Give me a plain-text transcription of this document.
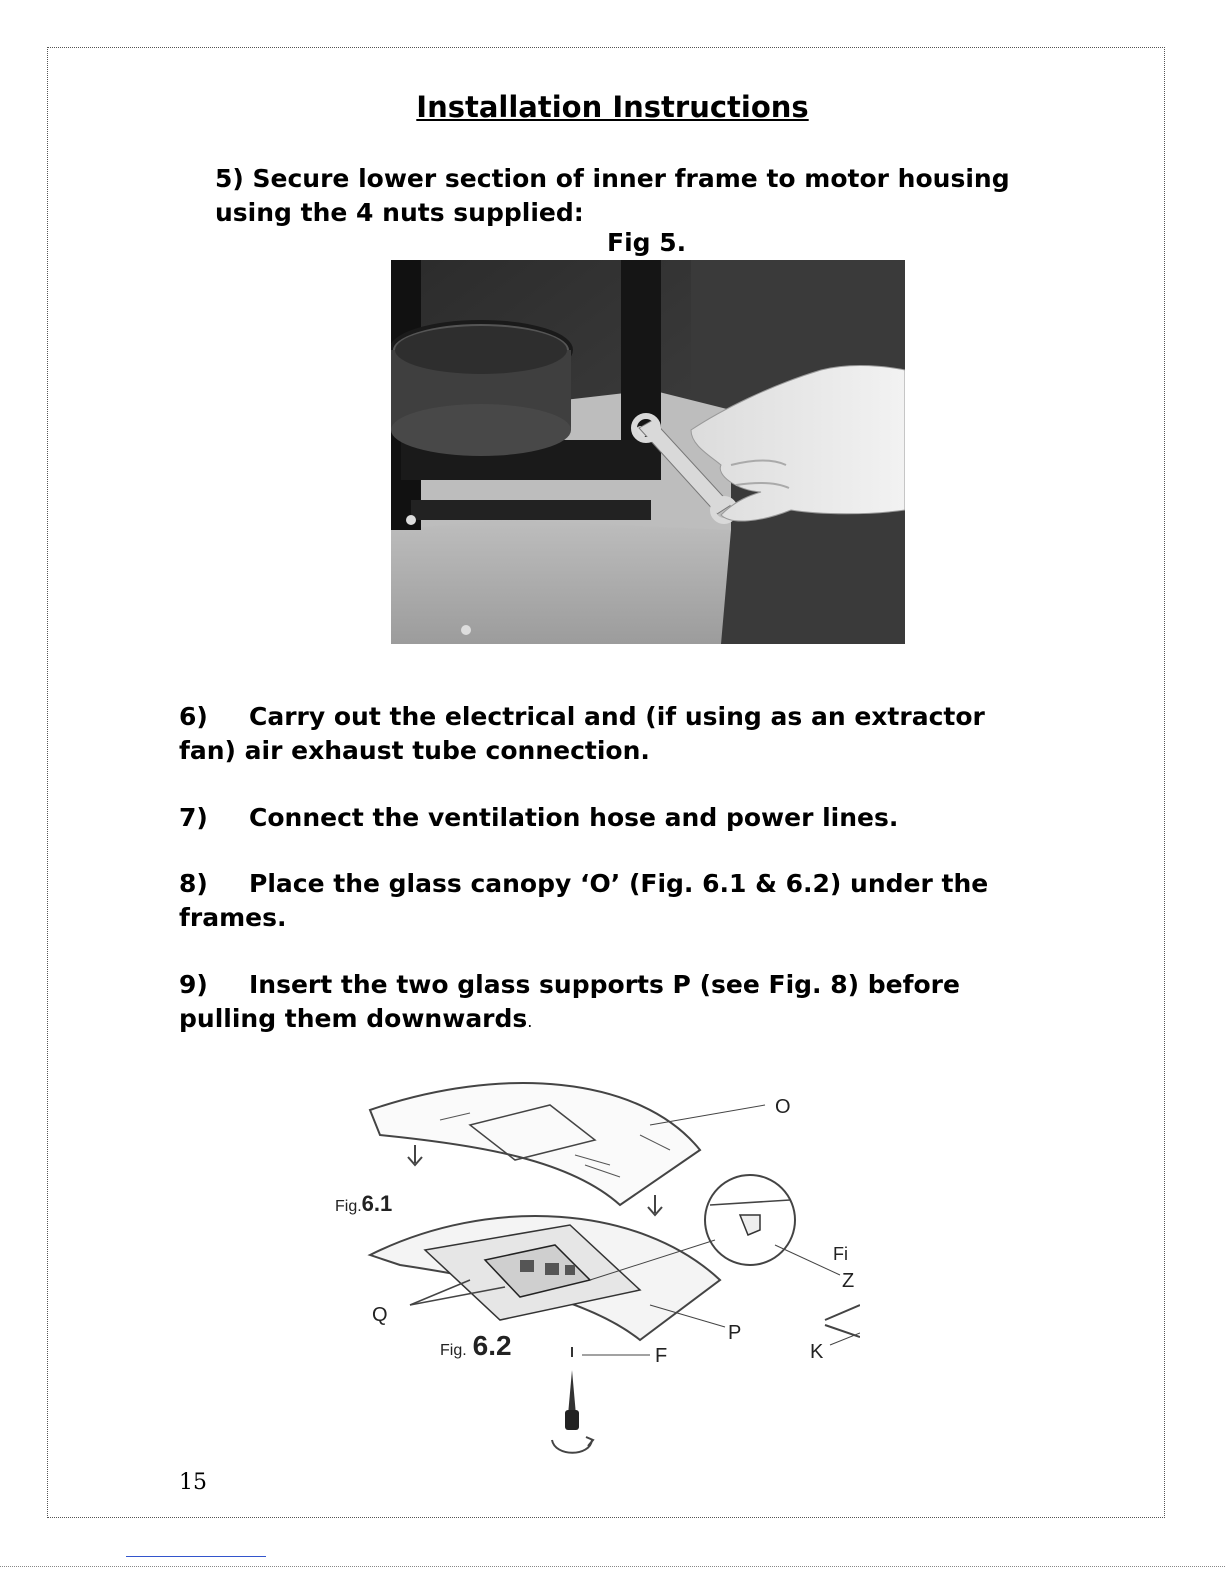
Installation Instructions
5) Secure lower section of inner frame to motor housing
using the 4 nuts supplied:
Fig 5.
6) Carry out the electrical and (if using as an extractor
fan) air exhaust tube connection.
7) Connect the ventilation hose and power lines.
8) Place the glass canopy ‘O’ (Fig. 6.1 & 6.2) under the
frames.
9) Insert the two glass supports P (see Fig. 8) before
pulling them downwards.
O
Fig.6.1
Fi
Z
K
Q
P
F
Fig. 6.2
15
